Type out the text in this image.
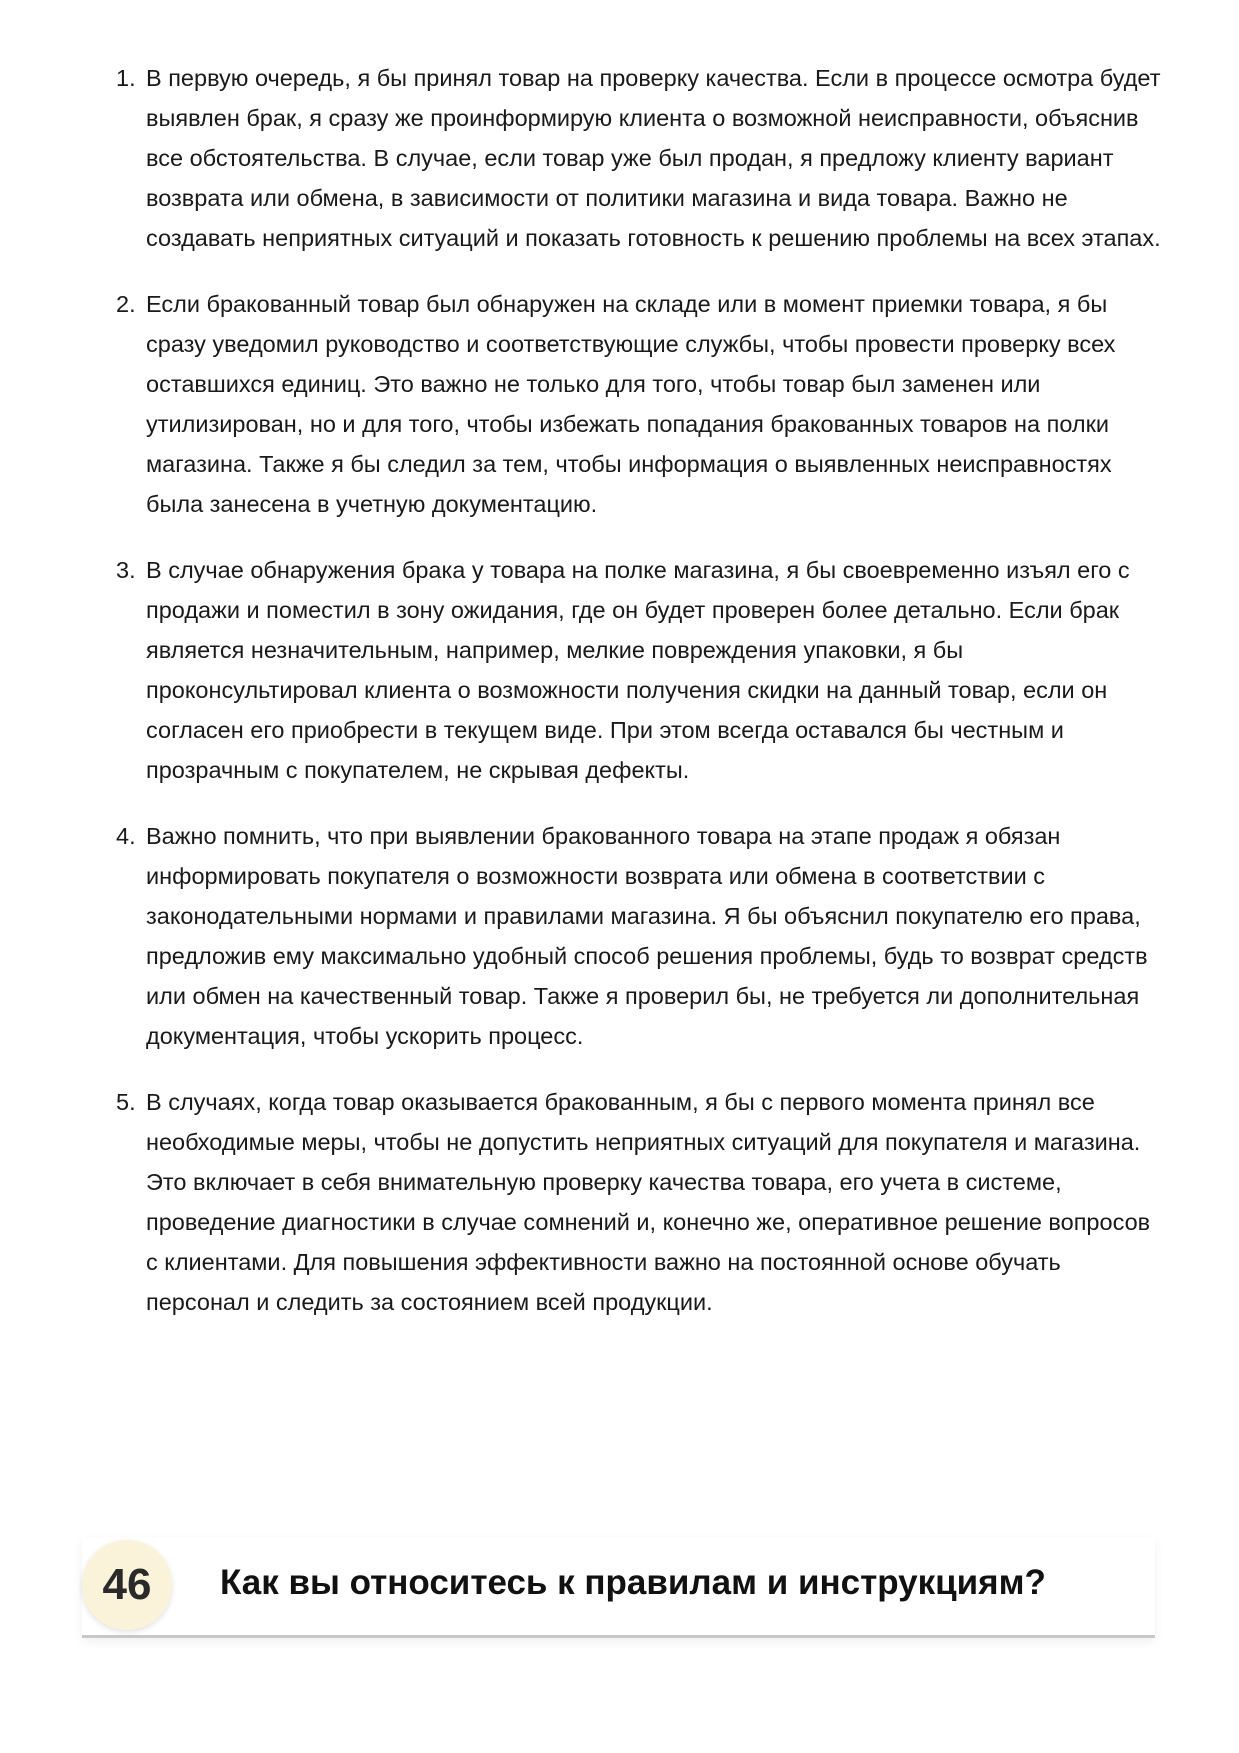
1. В первую очередь, я бы принял товар на проверку качества. Если в процессе осмотра будет выявлен брак, я сразу же проинформирую клиента о возможной неисправности, объяснив все обстоятельства. В случае, если товар уже был продан, я предложу клиенту вариант возврата или обмена, в зависимости от политики магазина и вида товара. Важно не создавать неприятных ситуаций и показать готовность к решению проблемы на всех этапах.
2. Если бракованный товар был обнаружен на складе или в момент приемки товара, я бы сразу уведомил руководство и соответствующие службы, чтобы провести проверку всех оставшихся единиц. Это важно не только для того, чтобы товар был заменен или утилизирован, но и для того, чтобы избежать попадания бракованных товаров на полки магазина. Также я бы следил за тем, чтобы информация о выявленных неисправностях была занесена в учетную документацию.
3. В случае обнаружения брака у товара на полке магазина, я бы своевременно изъял его с продажи и поместил в зону ожидания, где он будет проверен более детально. Если брак является незначительным, например, мелкие повреждения упаковки, я бы проконсультировал клиента о возможности получения скидки на данный товар, если он согласен его приобрести в текущем виде. При этом всегда оставался бы честным и прозрачным с покупателем, не скрывая дефекты.
4. Важно помнить, что при выявлении бракованного товара на этапе продаж я обязан информировать покупателя о возможности возврата или обмена в соответствии с законодательными нормами и правилами магазина. Я бы объяснил покупателю его права, предложив ему максимально удобный способ решения проблемы, будь то возврат средств или обмен на качественный товар. Также я проверил бы, не требуется ли дополнительная документация, чтобы ускорить процесс.
5. В случаях, когда товар оказывается бракованным, я бы с первого момента принял все необходимые меры, чтобы не допустить неприятных ситуаций для покупателя и магазина. Это включает в себя внимательную проверку качества товара, его учета в системе, проведение диагностики в случае сомнений и, конечно же, оперативное решение вопросов с клиентами. Для повышения эффективности важно на постоянной основе обучать персонал и следить за состоянием всей продукции.
46	Как вы относитесь к правилам и инструкциям?
